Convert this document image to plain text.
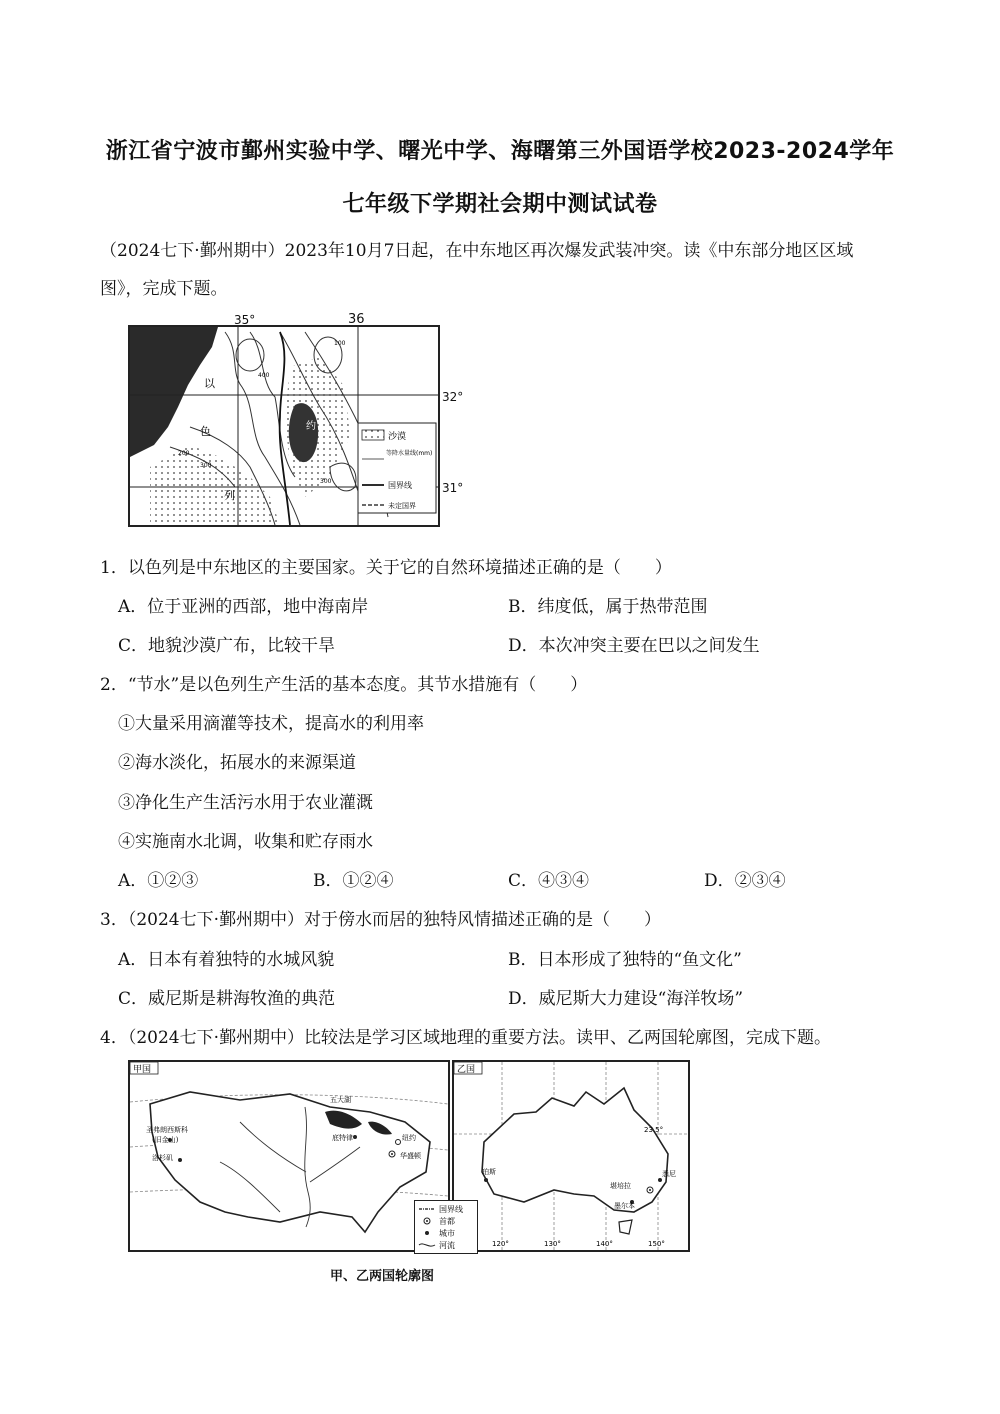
浙江省宁波市鄞州实验中学、曙光中学、海曙第三外国语学校2023-2024学年
七年级下学期社会期中测试试卷
（2024七下·鄞州期中）2023年10月7日起，在中东地区再次爆发武装冲突。读《中东部分地区区域
图》，完成下题。
沙漠
等降水量线(mm)
国界线
未定国界
以
色
列
约
200
300
300
100
400
35°	36
32°
31°
1．以色列是中东地区的主要国家。关于它的自然环境描述正确的是（　　）
A．位于亚洲的西部，地中海南岸	B．纬度低，属于热带范围
C．地貌沙漠广布，比较干旱	D．本次冲突主要在巴以之间发生
2．“节水”是以色列生产生活的基本态度。其节水措施有（　　）
①大量采用滴灌等技术，提高水的利用率
②海水淡化，拓展水的来源渠道
③净化生产生活污水用于农业灌溉
④实施南水北调，收集和贮存雨水
A．①②③	B．①②④	C．④③④	D．②③④
3．（2024七下·鄞州期中）对于傍水而居的独特风情描述正确的是（　　）
A．日本有着独特的水城风貌	B．日本形成了独特的“鱼文化”
C．威尼斯是耕海牧渔的典范	D．威尼斯大力建设“海洋牧场”
4．（2024七下·鄞州期中）比较法是学习区域地理的重要方法。读甲、乙两国轮廓图，完成下题。
圣弗朗西斯科
(旧金山)
洛杉矶
五大湖
底特律
华盛顿
纽约
甲国
23.5°
珀斯
堪培拉
悉尼
墨尔本
120°	130°	140°	150°
乙国
国界线
首都
城市
河流
甲、乙两国轮廓图
